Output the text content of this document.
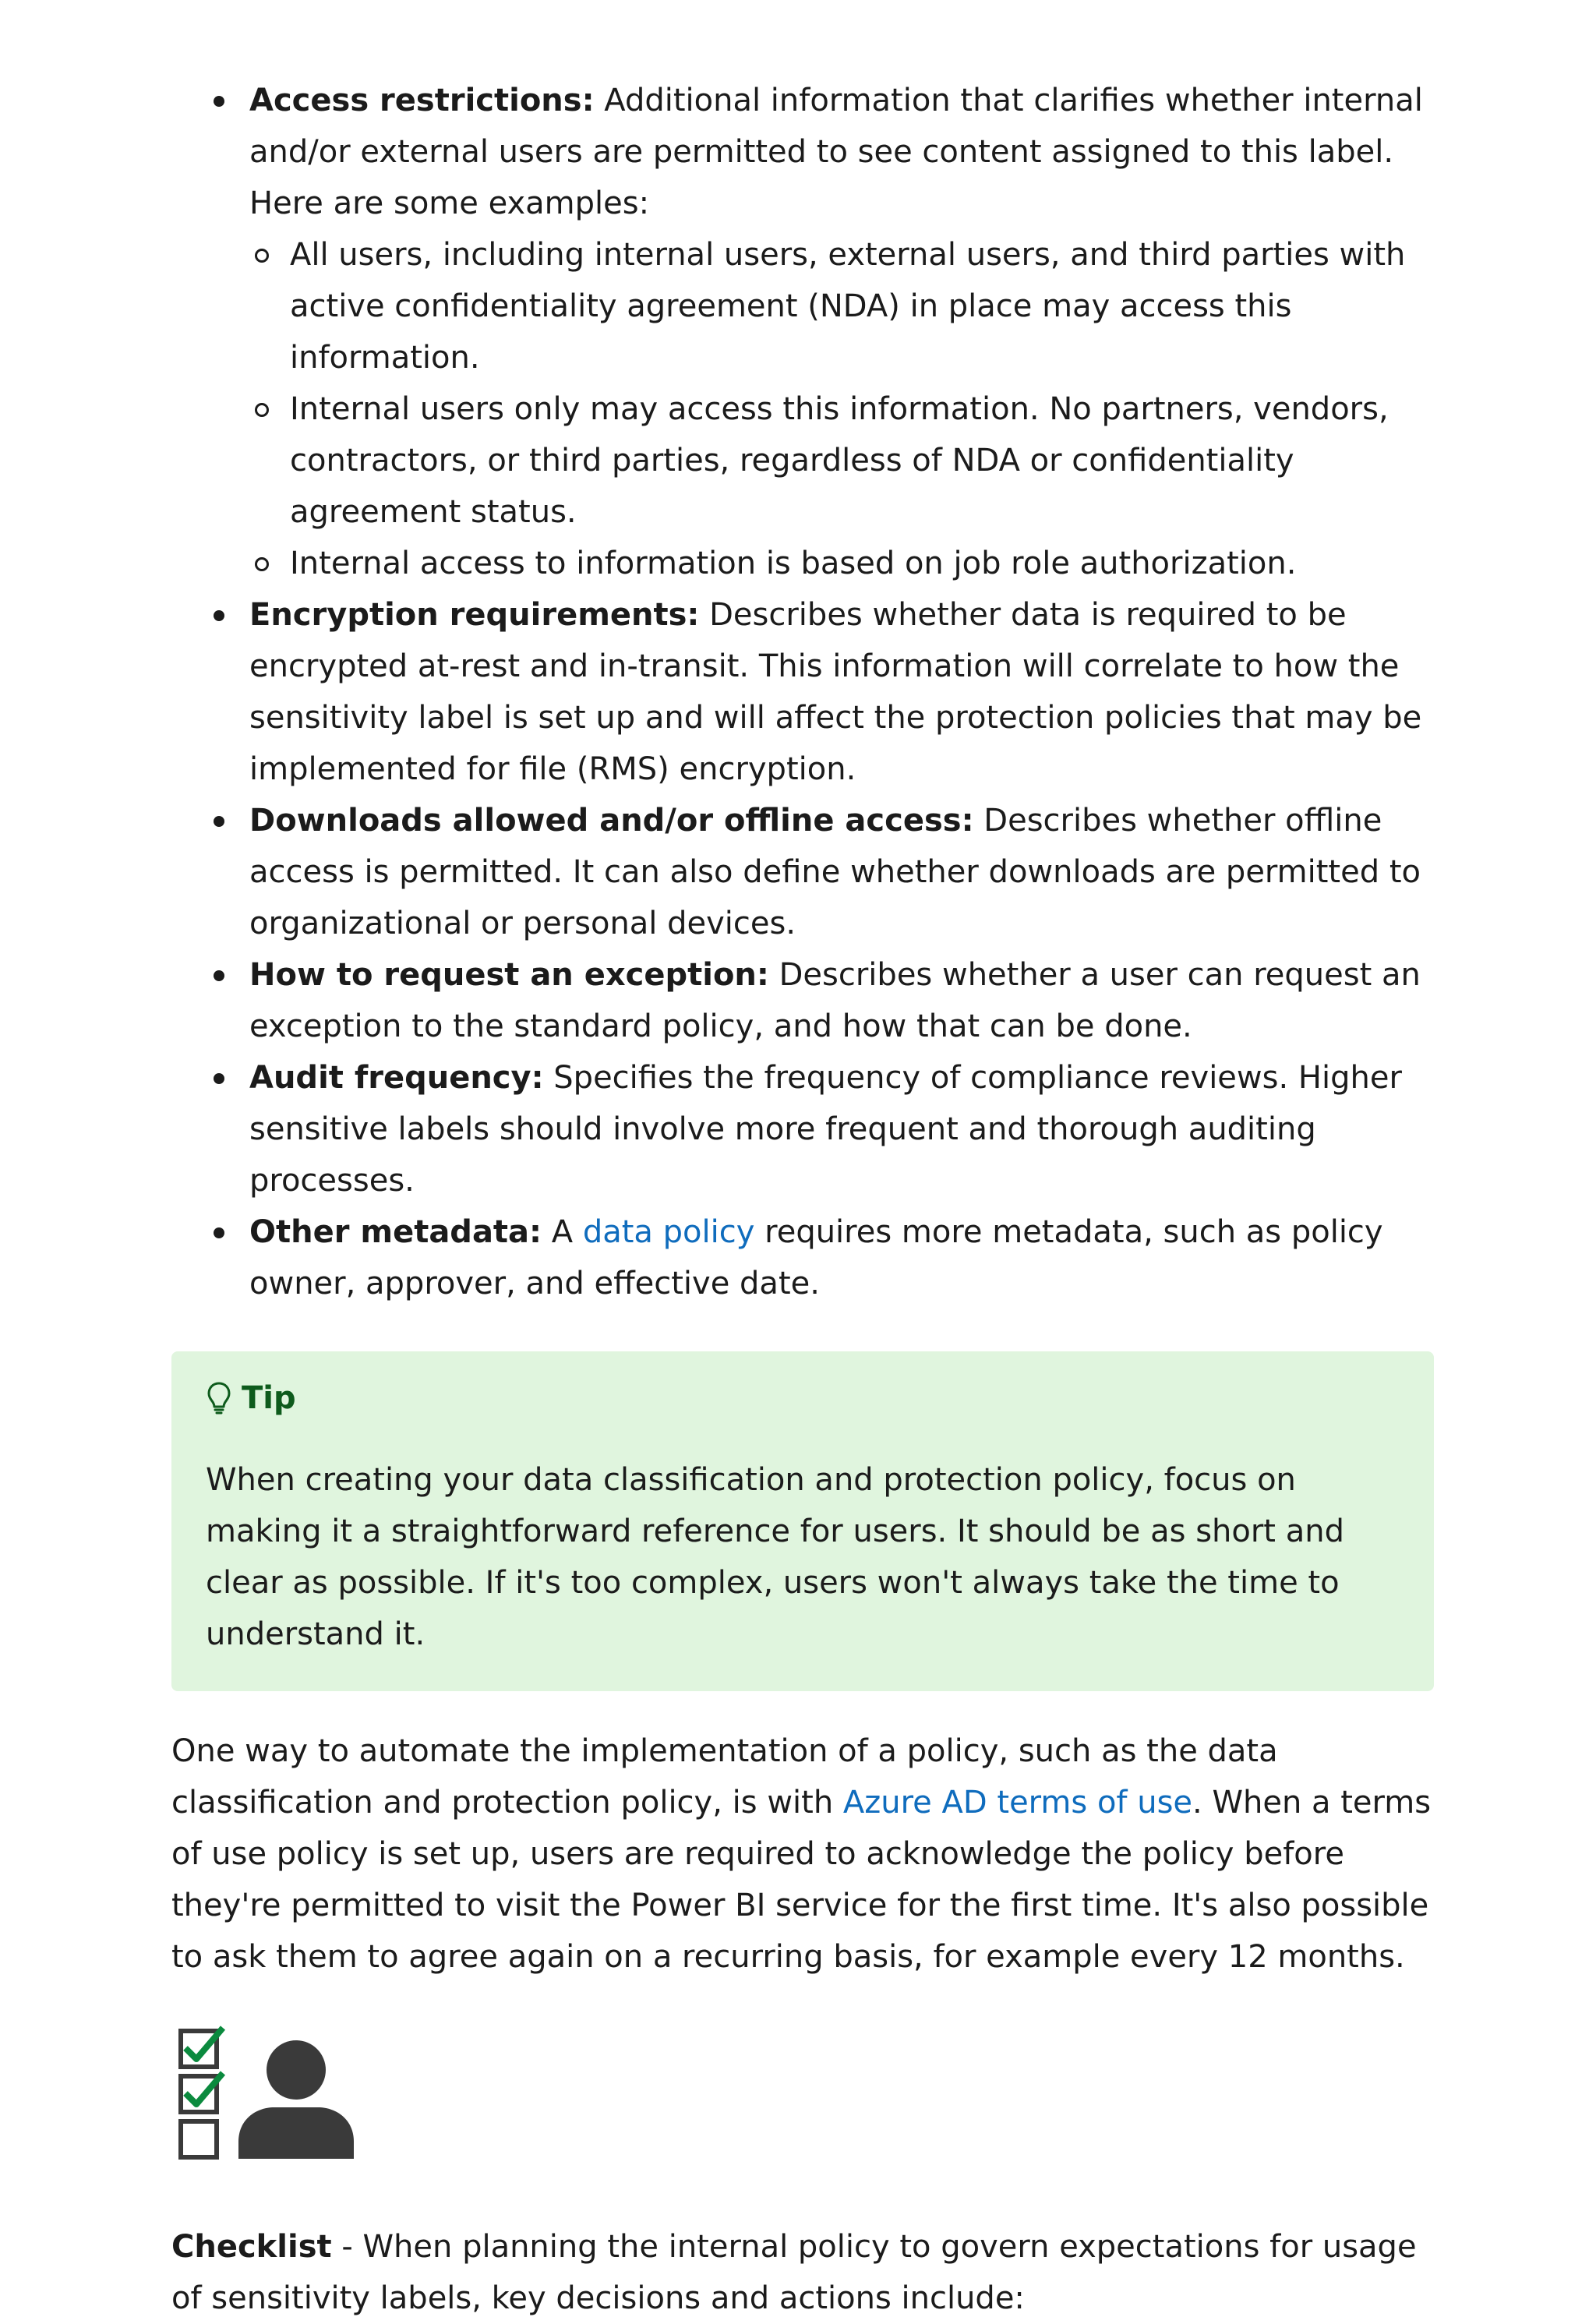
Access restrictions: Additional information that clarifies whether internal and/or external users are permitted to see content assigned to this label. Here are some examples:
All users, including internal users, external users, and third parties with active confidentiality agreement (NDA) in place may access this information.
Internal users only may access this information. No partners, vendors, contractors, or third parties, regardless of NDA or confidentiality agreement status.
Internal access to information is based on job role authorization.
Encryption requirements: Describes whether data is required to be encrypted at-rest and in-transit. This information will correlate to how the sensitivity label is set up and will affect the protection policies that may be implemented for file (RMS) encryption.
Downloads allowed and/or offline access: Describes whether offline access is permitted. It can also define whether downloads are permitted to organizational or personal devices.
How to request an exception: Describes whether a user can request an exception to the standard policy, and how that can be done.
Audit frequency: Specifies the frequency of compliance reviews. Higher sensitive labels should involve more frequent and thorough auditing processes.
Other metadata: A data policy requires more metadata, such as policy owner, approver, and effective date.
Tip
When creating your data classification and protection policy, focus on making it a straightforward reference for users. It should be as short and clear as possible. If it's too complex, users won't always take the time to understand it.

One way to automate the implementation of a policy, such as the data classification and protection policy, is with Azure AD terms of use. When a terms of use policy is set up, users are required to acknowledge the policy before they're permitted to visit the Power BI service for the first time. It's also possible to ask them to agree again on a recurring basis, for example every 12 months.

Checklist - When planning the internal policy to govern expectations for usage of sensitivity labels, key decisions and actions include:
